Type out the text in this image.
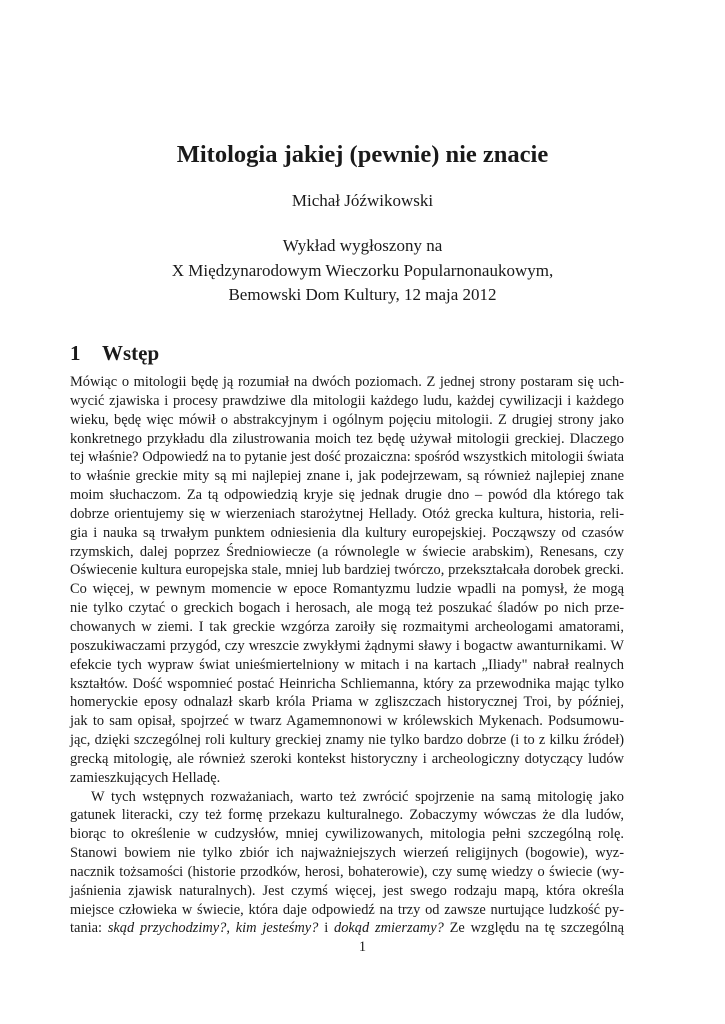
Mitologia jakiej (pewnie) nie znacie

Michał Jóźwikowski

Wykład wygłoszony na

X Międzynarodowym Wieczorku Popularnonaukowym,

Bemowski Dom Kultury, 12 maja 2012

1 Wstęp
Mówiąc o mitologii będę ją rozumiał na dwóch poziomach. Z jednej strony postaram się uch-
wycić zjawiska i procesy prawdziwe dla mitologii każdego ludu, każdej cywilizacji i każdego
wieku, będę więc mówił o abstrakcyjnym i ogólnym pojęciu mitologii. Z drugiej strony jako
konkretnego przykładu dla zilustrowania moich tez będę używał mitologii greckiej. Dlaczego
tej właśnie? Odpowiedź na to pytanie jest dość prozaiczna: spośród wszystkich mitologii świata
to właśnie greckie mity są mi najlepiej znane i, jak podejrzewam, są również najlepiej znane
moim słuchaczom. Za tą odpowiedzią kryje się jednak drugie dno – powód dla którego tak
dobrze orientujemy się w wierzeniach starożytnej Hellady. Otóż grecka kultura, historia, reli-
gia i nauka są trwałym punktem odniesienia dla kultury europejskiej. Począwszy od czasów
rzymskich, dalej poprzez Średniowiecze (a równolegle w świecie arabskim), Renesans, czy
Oświecenie kultura europejska stale, mniej lub bardziej twórczo, przekształcała dorobek grecki.
Co więcej, w pewnym momencie w epoce Romantyzmu ludzie wpadli na pomysł, że mogą
nie tylko czytać o greckich bogach i herosach, ale mogą też poszukać śladów po nich prze-
chowanych w ziemi. I tak greckie wzgórza zaroiły się rozmaitymi archeologami amatorami,
poszukiwaczami przygód, czy wreszcie zwykłymi żądnymi sławy i bogactw awanturnikami. W
efekcie tych wypraw świat unieśmiertelniony w mitach i na kartach „Iliady" nabrał realnych
kształtów. Dość wspomnieć postać Heinricha Schliemanna, który za przewodnika mając tylko
homeryckie eposy odnalazł skarb króla Priama w zgliszczach historycznej Troi, by później,
jak to sam opisał, spojrzeć w twarz Agamemnonowi w królewskich Mykenach. Podsumowu-
jąc, dzięki szczególnej roli kultury greckiej znamy nie tylko bardzo dobrze (i to z kilku źródeł)
grecką mitologię, ale również szeroki kontekst historyczny i archeologiczny dotyczący ludów
zamieszkujących Helladę.
W tych wstępnych rozważaniach, warto też zwrócić spojrzenie na samą mitologię jako
gatunek literacki, czy też formę przekazu kulturalnego. Zobaczymy wówczas że dla ludów,
biorąc to określenie w cudzysłów, mniej cywilizowanych, mitologia pełni szczególną rolę.
Stanowi bowiem nie tylko zbiór ich najważniejszych wierzeń religijnych (bogowie), wyz-
nacznik tożsamości (historie przodków, herosi, bohaterowie), czy sumę wiedzy o świecie (wy-
jaśnienia zjawisk naturalnych). Jest czymś więcej, jest swego rodzaju mapą, która określa
miejsce człowieka w świecie, która daje odpowiedź na trzy od zawsze nurtujące ludzkość py-
tania: skąd przychodzimy?, kim jesteśmy? i dokąd zmierzamy? Ze względu na tę szczególną
1
